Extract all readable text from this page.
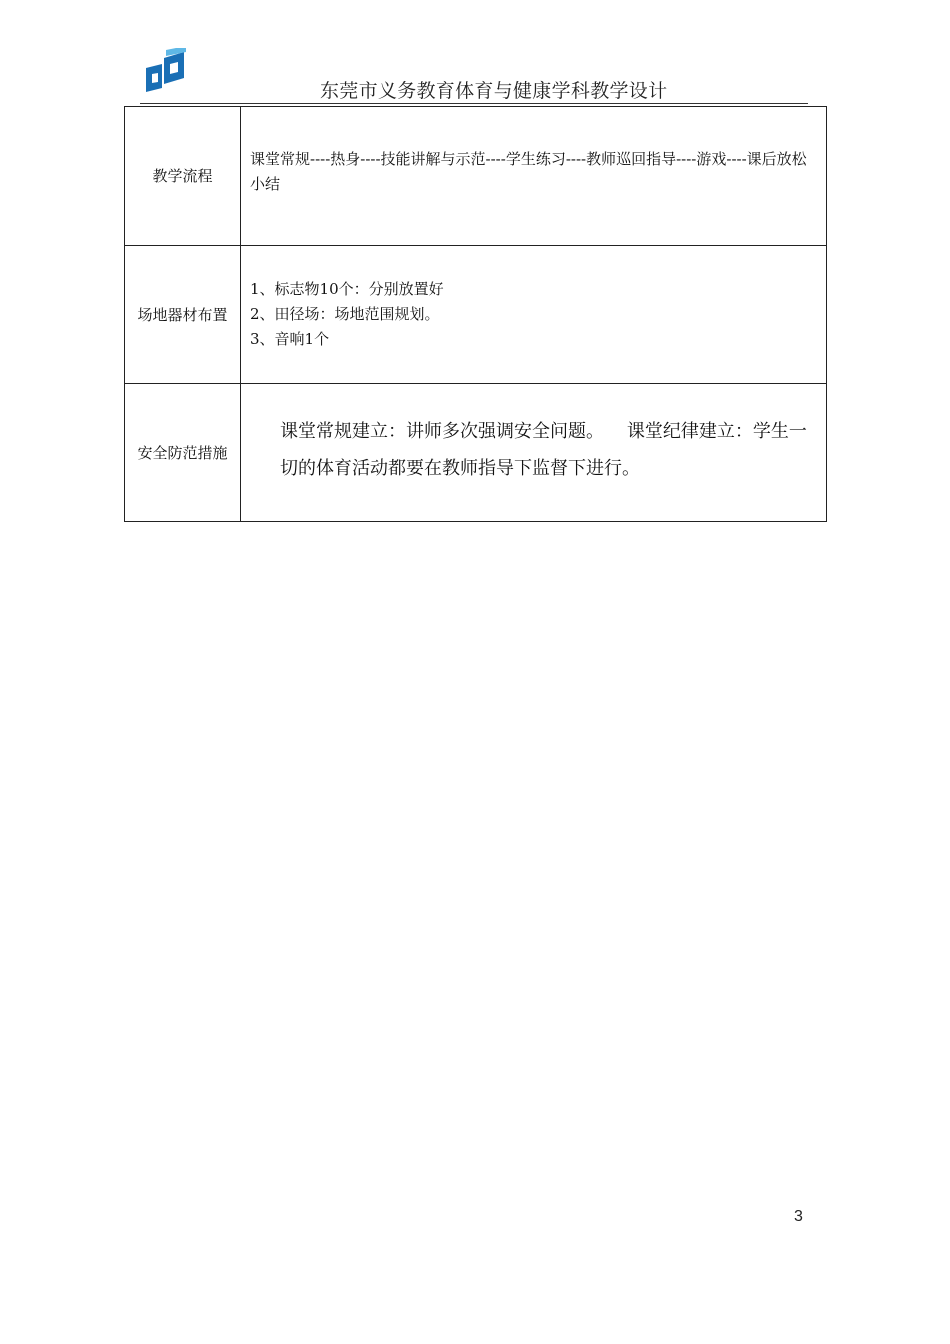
东莞市义务教育体育与健康学科教学设计
教学流程	课堂常规----热身----技能讲解与示范----学生练习----教师巡回指导----游戏----课后放松小结

场地器材布置	1、标志物10个：分别放置好
2、田径场：场地范围规划。
3、音响1个

安全防范措施	课堂常规建立：讲师多次强调安全问题。    课堂纪律建立：学生一切的体育活动都要在教师指导下监督下进行。
3
